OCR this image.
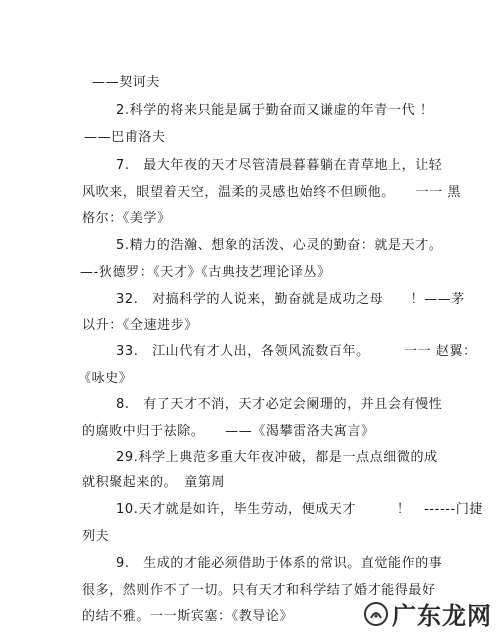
——契诃夫

2.科学的将来只能是属于勤奋而又谦虚的年青一代 ！

——巴甫洛夫

7.　最大年夜的天才尽管清晨暮暮躺在青草地上，让轻

风吹来，眼望着天空，温柔的灵感也始终不但顾他。　　一一 黑

格尔：《美学》

5.精力的浩瀚、想象的活泼、心灵的勤奋：就是天才。

—-狄德罗：《天才》《古典技艺理论译丛》

32.　对搞科学的人说来，勤奋就是成功之母　　！——茅

以升：《全速进步》

33.　江山代有才人出，各领风流数百年。　　　一一 赵翼：

《咏史》

8.　有了天才不消，天才必定会阑珊的，并且会有慢性

的腐败中归于祛除。　　——《渴攀雷洛夫寓言》

29.科学上典范多重大年夜冲破，都是一点点细微的成

就积聚起来的。　童第周

10.天才就是如许，毕生劳动，便成天才　　　！　------门捷

列夫

9.　生成的才能必须借助于体系的常识。直觉能作的事

很多，然则作不了一切。只有天才和科学结了婚才能得最好

的结不雅。一一斯宾塞：《教导论》	广东龙网
